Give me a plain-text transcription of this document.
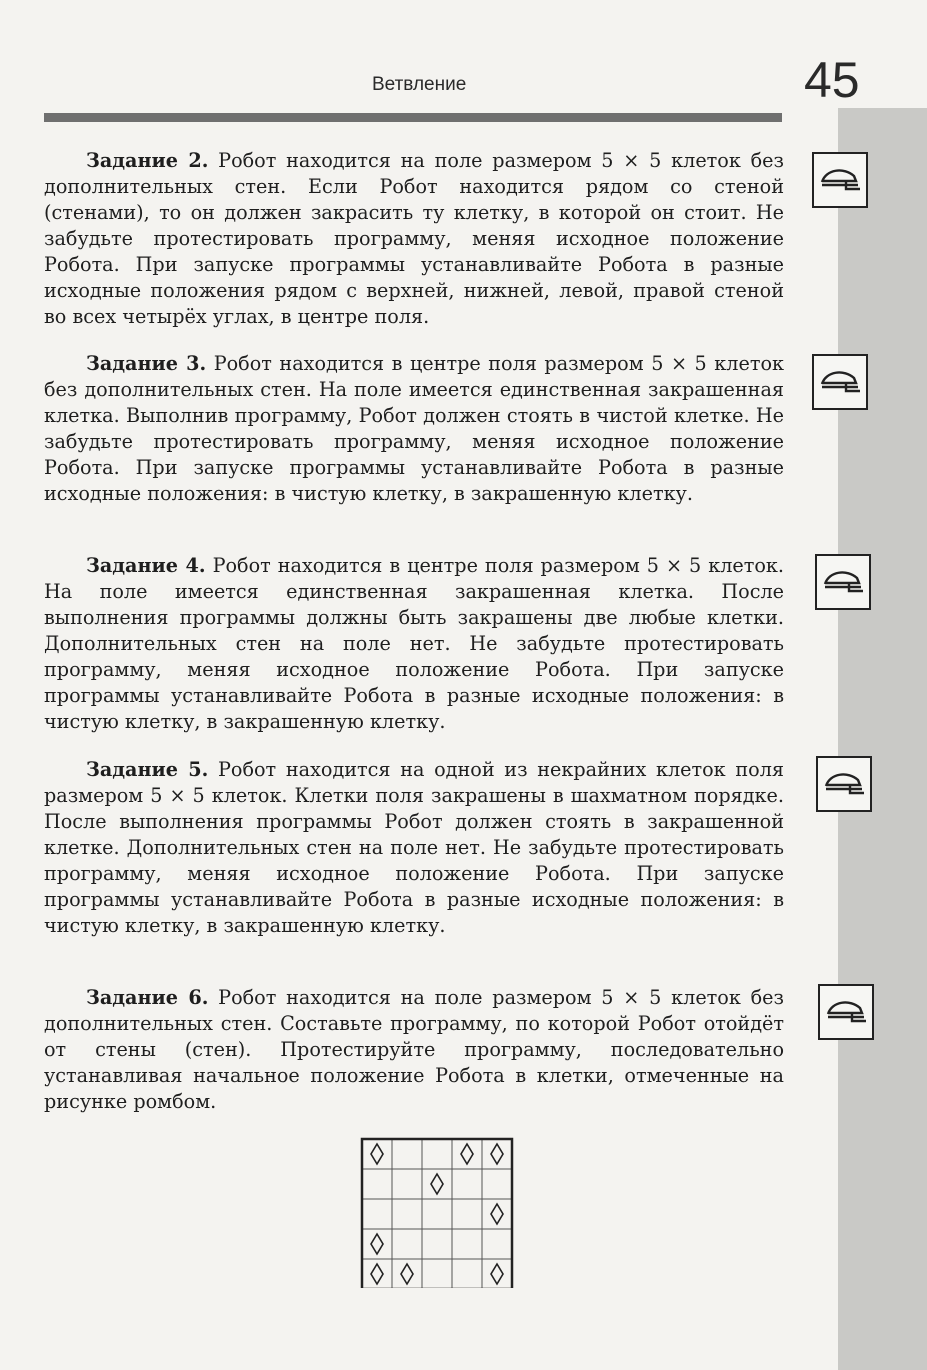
Ветвление	45

Задание 2. Робот находится на поле размером 5 × 5 клеток без дополнительных стен. Если Робот находится рядом со стеной (стенами), то он должен закрасить ту клетку, в которой он стоит. Не забудьте протестировать программу, меняя исходное положение Робота. При запуске программы устанавливайте Робота в разные исходные положения рядом с верхней, нижней, левой, правой стеной во всех четырёх углах, в центре поля.

Задание 3. Робот находится в центре поля размером 5 × 5 клеток без дополнительных стен. На поле имеется единственная закрашенная клетка. Выполнив программу, Робот должен стоять в чистой клетке. Не забудьте протестировать программу, меняя исходное положение Робота. При запуске программы устанавливайте Робота в разные исходные положения: в чистую клетку, в закрашенную клетку.

Задание 4. Робот находится в центре поля размером 5 × 5 клеток. На поле имеется единственная закрашенная клетка. После выполнения программы должны быть закрашены две любые клетки. Дополнительных стен на поле нет. Не забудьте протестировать программу, меняя исходное положение Робота. При запуске программы устанавливайте Робота в разные исходные положения: в чистую клетку, в закрашенную клетку.

Задание 5. Робот находится на одной из некрайних клеток поля размером 5 × 5 клеток. Клетки поля закрашены в шахматном порядке. После выполнения программы Робот должен стоять в закрашенной клетке. Дополнительных стен на поле нет. Не забудьте протестировать программу, меняя исходное положение Робота. При запуске программы устанавливайте Робота в разные исходные положения: в чистую клетку, в закрашенную клетку.

Задание 6. Робот находится на поле размером 5 × 5 клеток без дополнительных стен. Составьте программу, по которой Робот отойдёт от стены (стен). Протестируйте программу, последовательно устанавливая начальное положение Робота в клетки, отмеченные на рисунке ромбом.
